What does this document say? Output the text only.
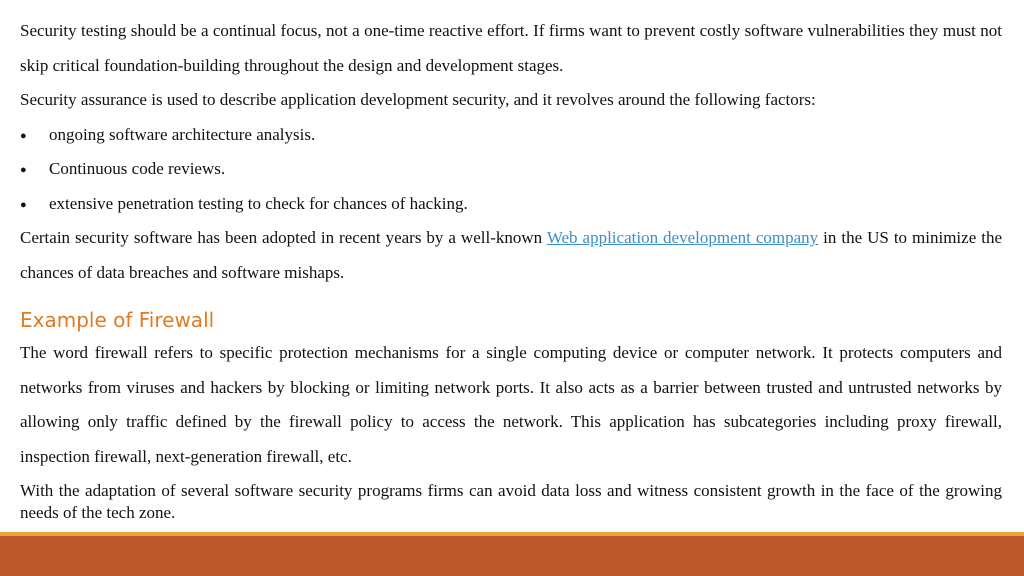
Security testing should be a continual focus, not a one-time reactive effort. If firms want to prevent costly software vulnerabilities they must not skip critical foundation-building throughout the design and development stages.

Security assurance is used to describe application development security, and it revolves around the following factors:

● ongoing software architecture analysis.
● Continuous code reviews.
● extensive penetration testing to check for chances of hacking.

Certain security software has been adopted in recent years by a well-known Web application development company in the US to minimize the chances of data breaches and software mishaps.

Example of Firewall

The word firewall refers to specific protection mechanisms for a single computing device or computer network. It protects computers and networks from viruses and hackers by blocking or limiting network ports. It also acts as a barrier between trusted and untrusted networks by allowing only traffic defined by the firewall policy to access the network. This application has subcategories including proxy firewall, inspection firewall, next-generation firewall, etc.

With the adaptation of several software security programs firms can avoid data loss and witness consistent growth in the face of the growing needs of the tech zone.
